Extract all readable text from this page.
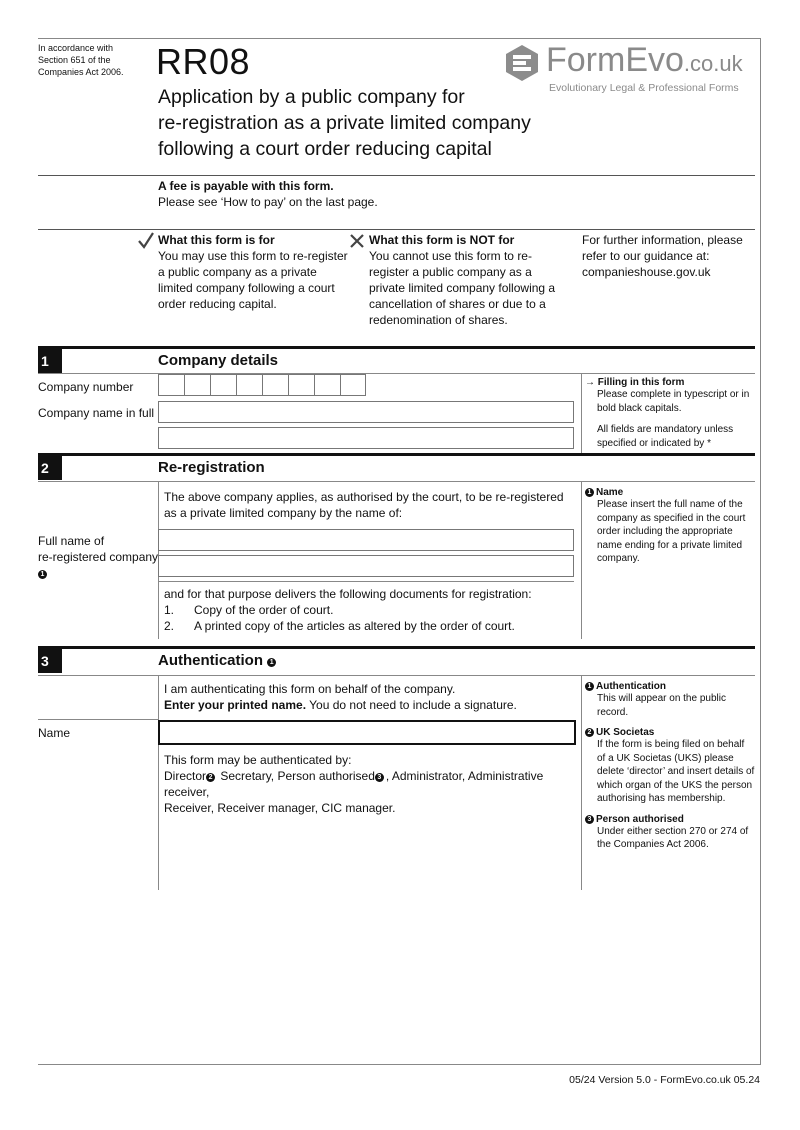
In accordance with Section 651 of the Companies Act 2006. RR08
Application by a public company for
re-registration as a private limited company
following a court order reducing capital
FormEvo.co.uk
Evolutionary Legal & Professional Forms
A fee is payable with this form.
Please see ‘How to pay’ on the last page.
What this form is for
You may use this form to re-register a public company as a private limited company following a court order reducing capital.
What this form is NOT for
You cannot use this form to re-register a public company as a private limited company following a cancellation of shares or due to a redenomination of shares.
For further information, please refer to our guidance at: companieshouse.gov.uk
1	Company details
Company number
Company name in full
→ Filling in this form
Please complete in typescript or in bold black capitals.
All fields are mandatory unless specified or indicated by *
2	Re-registration
The above company applies, as authorised by the court, to be re-registered as a private limited company by the name of:
Full name of
re-registered company
1
and for that purpose delivers the following documents for registration:
1.	Copy of the order of court.
2.	A printed copy of the articles as altered by the order of court.
1 Name
Please insert the full name of the company as specified in the court order including the appropriate name ending for a private limited company.
3	Authentication 1
I am authenticating this form on behalf of the company.
Enter your printed name. You do not need to include a signature.
Name
This form may be authenticated by:
Director 2 Secretary, Person authorised 3 , Administrator, Administrative receiver,
Receiver, Receiver manager, CIC manager.
1 Authentication
This will appear on the public record.
2 UK Societas
If the form is being filed on behalf of a UK Societas (UKS) please delete ‘director’ and insert details of which organ of the UKS the person authorising has membership.
3 Person authorised
Under either section 270 or 274 of the Companies Act 2006.
05/24 Version 5.0 - FormEvo.co.uk 05.24
